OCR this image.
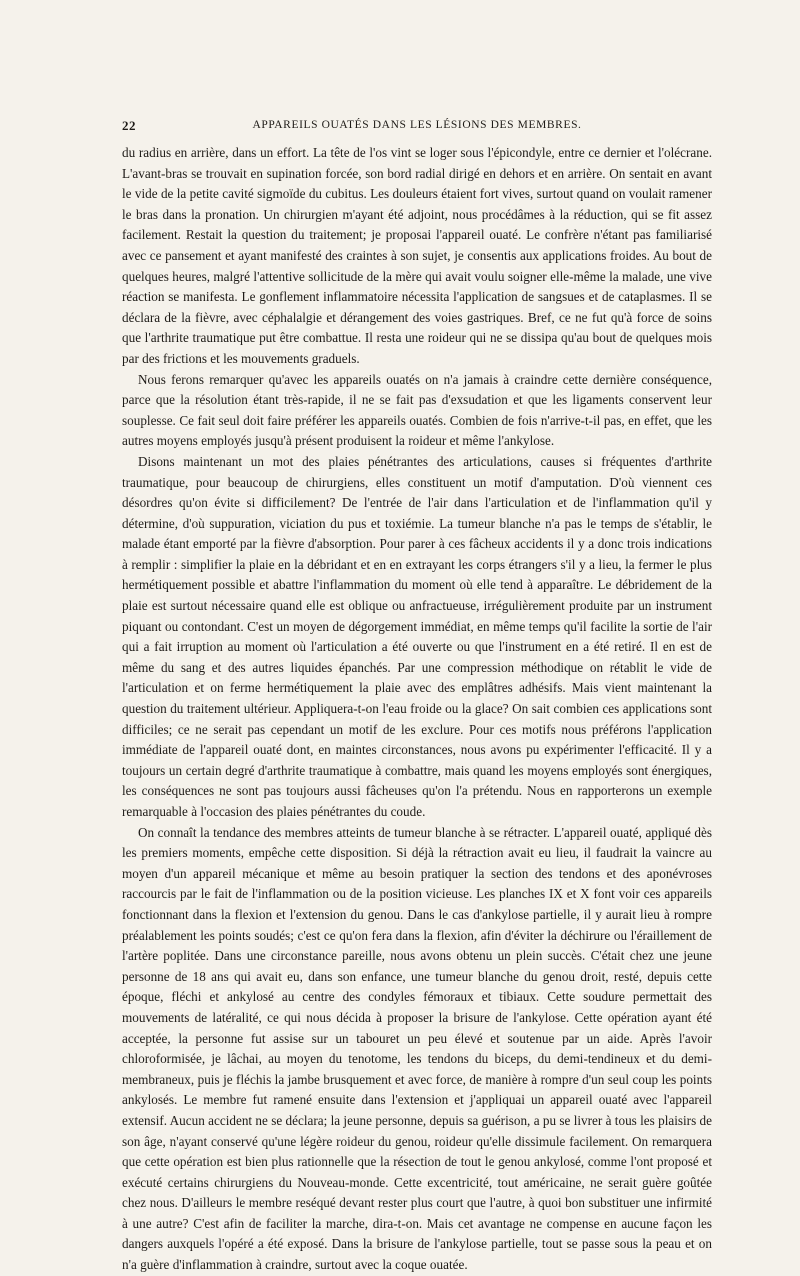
22	APPAREILS OUATÉS DANS LES LÉSIONS DES MEMBRES.

du radius en arrière, dans un effort. La tête de l'os vint se loger sous l'épicondyle, entre ce dernier et l'olécrane. L'avant-bras se trouvait en supination forcée, son bord radial dirigé en dehors et en arrière. On sentait en avant le vide de la petite cavité sigmoïde du cubitus. Les douleurs étaient fort vives, surtout quand on voulait ramener le bras dans la pronation. Un chirurgien m'ayant été adjoint, nous procédâmes à la réduction, qui se fit assez facilement. Restait la question du traitement; je proposai l'appareil ouaté. Le confrère n'étant pas familiarisé avec ce pansement et ayant manifesté des craintes à son sujet, je consentis aux applications froides. Au bout de quelques heures, malgré l'attentive sollicitude de la mère qui avait voulu soigner elle-même la malade, une vive réaction se manifesta. Le gonflement inflammatoire nécessita l'application de sangsues et de cataplasmes. Il se déclara de la fièvre, avec céphalalgie et dérangement des voies gastriques. Bref, ce ne fut qu'à force de soins que l'arthrite traumatique put être combattue. Il resta une roideur qui ne se dissipa qu'au bout de quelques mois par des frictions et les mouvements graduels.

Nous ferons remarquer qu'avec les appareils ouatés on n'a jamais à craindre cette dernière conséquence, parce que la résolution étant très-rapide, il ne se fait pas d'exsudation et que les ligaments conservent leur souplesse. Ce fait seul doit faire préférer les appareils ouatés. Combien de fois n'arrive-t-il pas, en effet, que les autres moyens employés jusqu'à présent produisent la roideur et même l'ankylose.

Disons maintenant un mot des plaies pénétrantes des articulations, causes si fréquentes d'arthrite traumatique, pour beaucoup de chirurgiens, elles constituent un motif d'amputation. D'où viennent ces désordres qu'on évite si difficilement? De l'entrée de l'air dans l'articulation et de l'inflammation qu'il y détermine, d'où suppuration, viciation du pus et toxiémie. La tumeur blanche n'a pas le temps de s'établir, le malade étant emporté par la fièvre d'absorption. Pour parer à ces fâcheux accidents il y a donc trois indications à remplir : simplifier la plaie en la débridant et en en extrayant les corps étrangers s'il y a lieu, la fermer le plus hermétiquement possible et abattre l'inflammation du moment où elle tend à apparaître. Le débridement de la plaie est surtout nécessaire quand elle est oblique ou anfractueuse, irrégulièrement produite par un instrument piquant ou contondant. C'est un moyen de dégorgement immédiat, en même temps qu'il facilite la sortie de l'air qui a fait irruption au moment où l'articulation a été ouverte ou que l'instrument en a été retiré. Il en est de même du sang et des autres liquides épanchés. Par une compression méthodique on rétablit le vide de l'articulation et on ferme hermétiquement la plaie avec des emplâtres adhésifs. Mais vient maintenant la question du traitement ultérieur. Appliquera-t-on l'eau froide ou la glace? On sait combien ces applications sont difficiles; ce ne serait pas cependant un motif de les exclure. Pour ces motifs nous préférons l'application immédiate de l'appareil ouaté dont, en maintes circonstances, nous avons pu expérimenter l'efficacité. Il y a toujours un certain degré d'arthrite traumatique à combattre, mais quand les moyens employés sont énergiques, les conséquences ne sont pas toujours aussi fâcheuses qu'on l'a prétendu. Nous en rapporterons un exemple remarquable à l'occasion des plaies pénétrantes du coude.

On connaît la tendance des membres atteints de tumeur blanche à se rétracter. L'appareil ouaté, appliqué dès les premiers moments, empêche cette disposition. Si déjà la rétraction avait eu lieu, il faudrait la vaincre au moyen d'un appareil mécanique et même au besoin pratiquer la section des tendons et des aponévroses raccourcis par le fait de l'inflammation ou de la position vicieuse. Les planches IX et X font voir ces appareils fonctionnant dans la flexion et l'extension du genou. Dans le cas d'ankylose partielle, il y aurait lieu à rompre préalablement les points soudés; c'est ce qu'on fera dans la flexion, afin d'éviter la déchirure ou l'éraillement de l'artère poplitée. Dans une circonstance pareille, nous avons obtenu un plein succès. C'était chez une jeune personne de 18 ans qui avait eu, dans son enfance, une tumeur blanche du genou droit, resté, depuis cette époque, fléchi et ankylosé au centre des condyles fémoraux et tibiaux. Cette soudure permettait des mouvements de latéralité, ce qui nous décida à proposer la brisure de l'ankylose. Cette opération ayant été acceptée, la personne fut assise sur un tabouret un peu élevé et soutenue par un aide. Après l'avoir chloroformisée, je lâchai, au moyen du tenotome, les tendons du biceps, du demi-tendineux et du demi-membraneux, puis je fléchis la jambe brusquement et avec force, de manière à rompre d'un seul coup les points ankylosés. Le membre fut ramené ensuite dans l'extension et j'appliquai un appareil ouaté avec l'appareil extensif. Aucun accident ne se déclara; la jeune personne, depuis sa guérison, a pu se livrer à tous les plaisirs de son âge, n'ayant conservé qu'une légère roideur du genou, roideur qu'elle dissimule facilement. On remarquera que cette opération est bien plus rationnelle que la résection de tout le genou ankylosé, comme l'ont proposé et exécuté certains chirurgiens du Nouveau-monde. Cette excentricité, tout américaine, ne serait guère goûtée chez nous. D'ailleurs le membre reséqué devant rester plus court que l'autre, à quoi bon substituer une infirmité à une autre? C'est afin de faciliter la marche, dira-t-on. Mais cet avantage ne compense en aucune façon les dangers auxquels l'opéré a été exposé. Dans la brisure de l'ankylose partielle, tout se passe sous la peau et on n'a guère d'inflammation à craindre, surtout avec la coque ouatée.
